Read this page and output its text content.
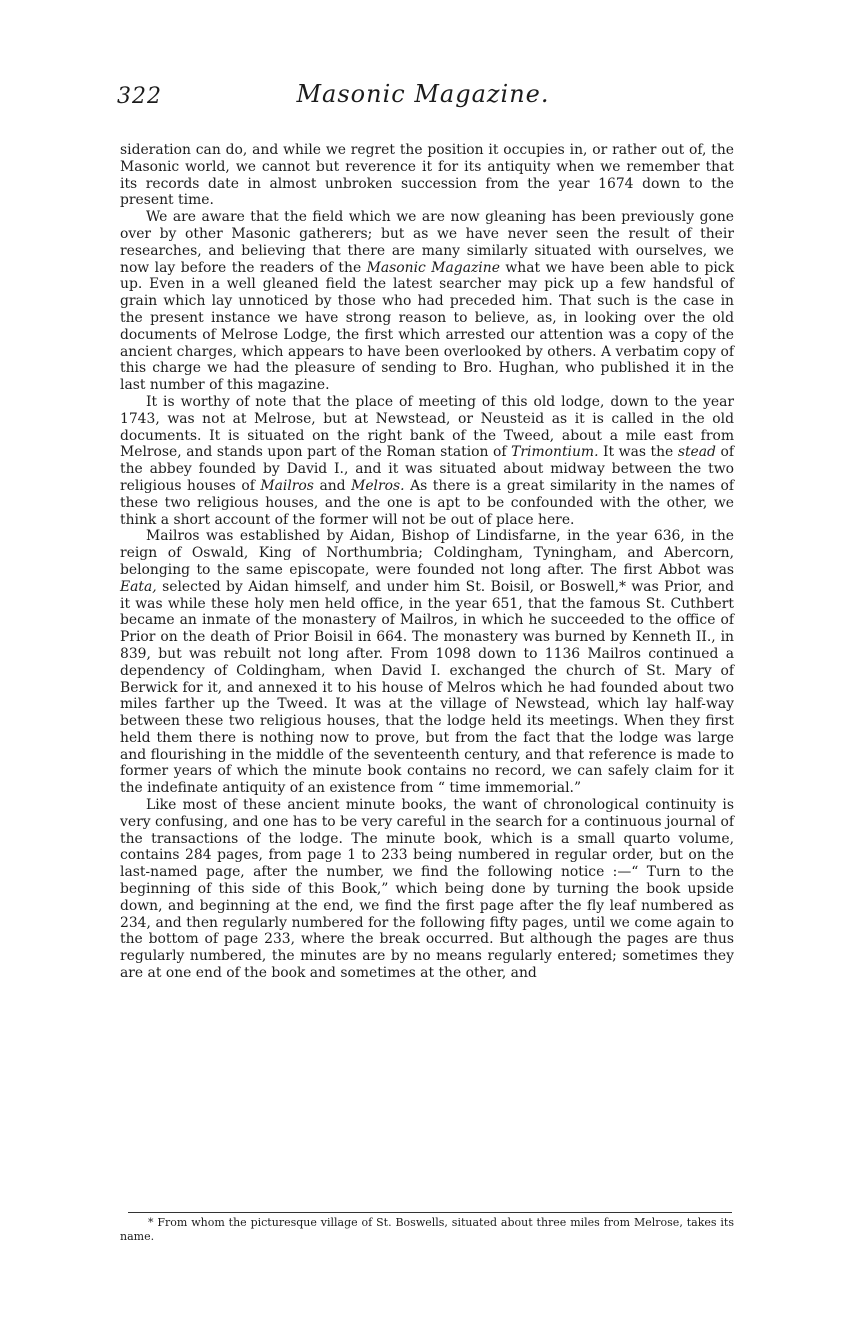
322	Masonic Magazine.

sideration can do, and while we regret the position it occupies in, or rather out of, the Masonic world, we cannot but reverence it for its antiquity when we remember that its records date in almost unbroken succession from the year 1674 down to the present time.

We are aware that the field which we are now gleaning has been previously gone over by other Masonic gatherers; but as we have never seen the result of their researches, and believing that there are many similarly situated with ourselves, we now lay before the readers of the Masonic Magazine what we have been able to pick up. Even in a well gleaned field the latest searcher may pick up a few handsful of grain which lay unnoticed by those who had preceded him. That such is the case in the present instance we have strong reason to believe, as, in looking over the old documents of Melrose Lodge, the first which arrested our attention was a copy of the ancient charges, which appears to have been overlooked by others. A verbatim copy of this charge we had the pleasure of sending to Bro. Hughan, who published it in the last number of this magazine.

It is worthy of note that the place of meeting of this old lodge, down to the year 1743, was not at Melrose, but at Newstead, or Neusteid as it is called in the old documents. It is situated on the right bank of the Tweed, about a mile east from Melrose, and stands upon part of the Roman station of Trimontium. It was the stead of the abbey founded by David I., and it was situated about midway between the two religious houses of Mailros and Melros. As there is a great similarity in the names of these two religious houses, and the one is apt to be confounded with the other, we think a short account of the former will not be out of place here.

Mailros was established by Aidan, Bishop of Lindisfarne, in the year 636, in the reign of Oswald, King of Northumbria; Coldingham, Tyningham, and Abercorn, belonging to the same episcopate, were founded not long after. The first Abbot was Eata, selected by Aidan himself, and under him St. Boisil, or Boswell,* was Prior, and it was while these holy men held office, in the year 651, that the famous St. Cuthbert became an inmate of the monastery of Mailros, in which he succeeded to the office of Prior on the death of Prior Boisil in 664. The monastery was burned by Kenneth II., in 839, but was rebuilt not long after. From 1098 down to 1136 Mailros continued a dependency of Coldingham, when David I. exchanged the church of St. Mary of Berwick for it, and annexed it to his house of Melros which he had founded about two miles farther up the Tweed. It was at the village of Newstead, which lay half-way between these two religious houses, that the lodge held its meetings. When they first held them there is nothing now to prove, but from the fact that the lodge was large and flourishing in the middle of the seventeenth century, and that reference is made to former years of which the minute book contains no record, we can safely claim for it the indefinate antiquity of an existence from “ time immemorial.”

Like most of these ancient minute books, the want of chronological continuity is very confusing, and one has to be very careful in the search for a continuous journal of the transactions of the lodge. The minute book, which is a small quarto volume, contains 284 pages, from page 1 to 233 being numbered in regular order, but on the last-named page, after the number, we find the following notice :—“ Turn to the beginning of this side of this Book,” which being done by turning the book upside down, and beginning at the end, we find the first page after the fly leaf numbered as 234, and then regularly numbered for the following fifty pages, until we come again to the bottom of page 233, where the break occurred. But although the pages are thus regularly numbered, the minutes are by no means regularly entered; sometimes they are at one end of the book and sometimes at the other, and

* From whom the picturesque village of St. Boswells, situated about three miles from Melrose, takes its name.
